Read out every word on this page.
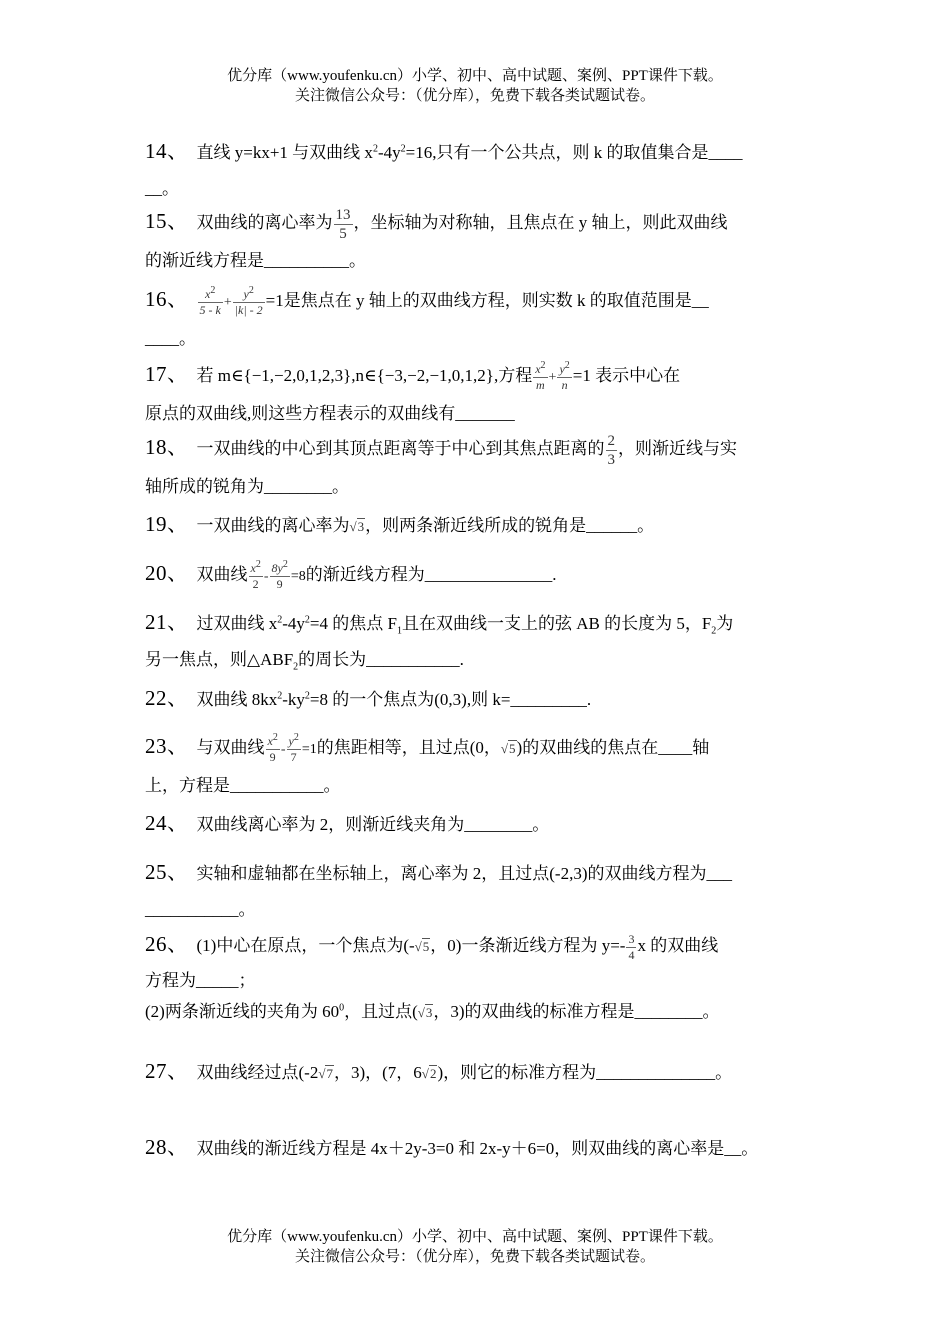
优分库（www.youfenku.cn）小学、初中、高中试题、案例、PPT课件下载。
关注微信公众号：（优分库），免费下载各类试题试卷。
14、 直线 y=kx+1 与双曲线 $x^2-4y^2=16$,只有一个公共点，则 k 的取值集合是____
__。
15、 双曲线的离心率为 $\frac{13}{5}$ ，坐标轴为对称轴，且焦点在 y 轴上，则此双曲线
的渐近线方程是__________。
16、 $\frac{x^2}{5 - k} + \frac{y^2}{|k| - 2} =1$是焦点在 y 轴上的双曲线方程，则实数 k 的取值范围是__
____。
17、 若 m∈{−1,−2,0,1,2,3},n∈{−3,−2,−1,0,1,2},方程 $\frac{x^2}{m} + \frac{y^2}{n} =1$ 表示中心在
原点的双曲线,则这些方程表示的双曲线有_______
18、 一双曲线的中心到其顶点距离等于中心到其焦点距离的 $\frac{2}{3}$ ，则渐近线与实
轴所成的锐角为________。
19、 一双曲线的离心率为√3，则两条渐近线所成的锐角是______。
20、 双曲线 $\frac{x^2}{2} - \frac{8y^2}{9} =8$的渐近线方程为_______________.
21、 过双曲线 $x^2-4y^2=4$ 的焦点 $F_1$且在双曲线一支上的弦 AB 的长度为 5，$F_2$为
另一焦点，则$\triangle ABF_2$的周长为___________.
22、 双曲线 $8kx^2-ky^2=8$ 的一个焦点为(0,3),则 k=_________.
23、 与双曲线 $\frac{x^2}{9} - \frac{y^2}{7} =1$的焦距相等，且过点(0，√5)的双曲线的焦点在____轴
上，方程是___________。
24、 双曲线离心率为 2，则渐近线夹角为________。
25、 实轴和虚轴都在坐标轴上，离心率为 2，且过点(-2,3)的双曲线方程为___
___________。
26、 (1)中心在原点，一个焦点为(-√5，0)一条渐近线方程为 $y=- \frac{3}{4}$ x 的双曲线
方程为_____；
(2)两条渐近线的夹角为 $60^0$，且过点(√3，3)的双曲线的标准方程是________。
27、 双曲线经过点(-2√7，3)，(7，6√2)，则它的标准方程为______________。
28、 双曲线的渐近线方程是 4x＋2y-3=0 和 2x-y＋6=0，则双曲线的离心率是__。
优分库（www.youfenku.cn）小学、初中、高中试题、案例、PPT课件下载。
关注微信公众号：（优分库），免费下载各类试题试卷。
